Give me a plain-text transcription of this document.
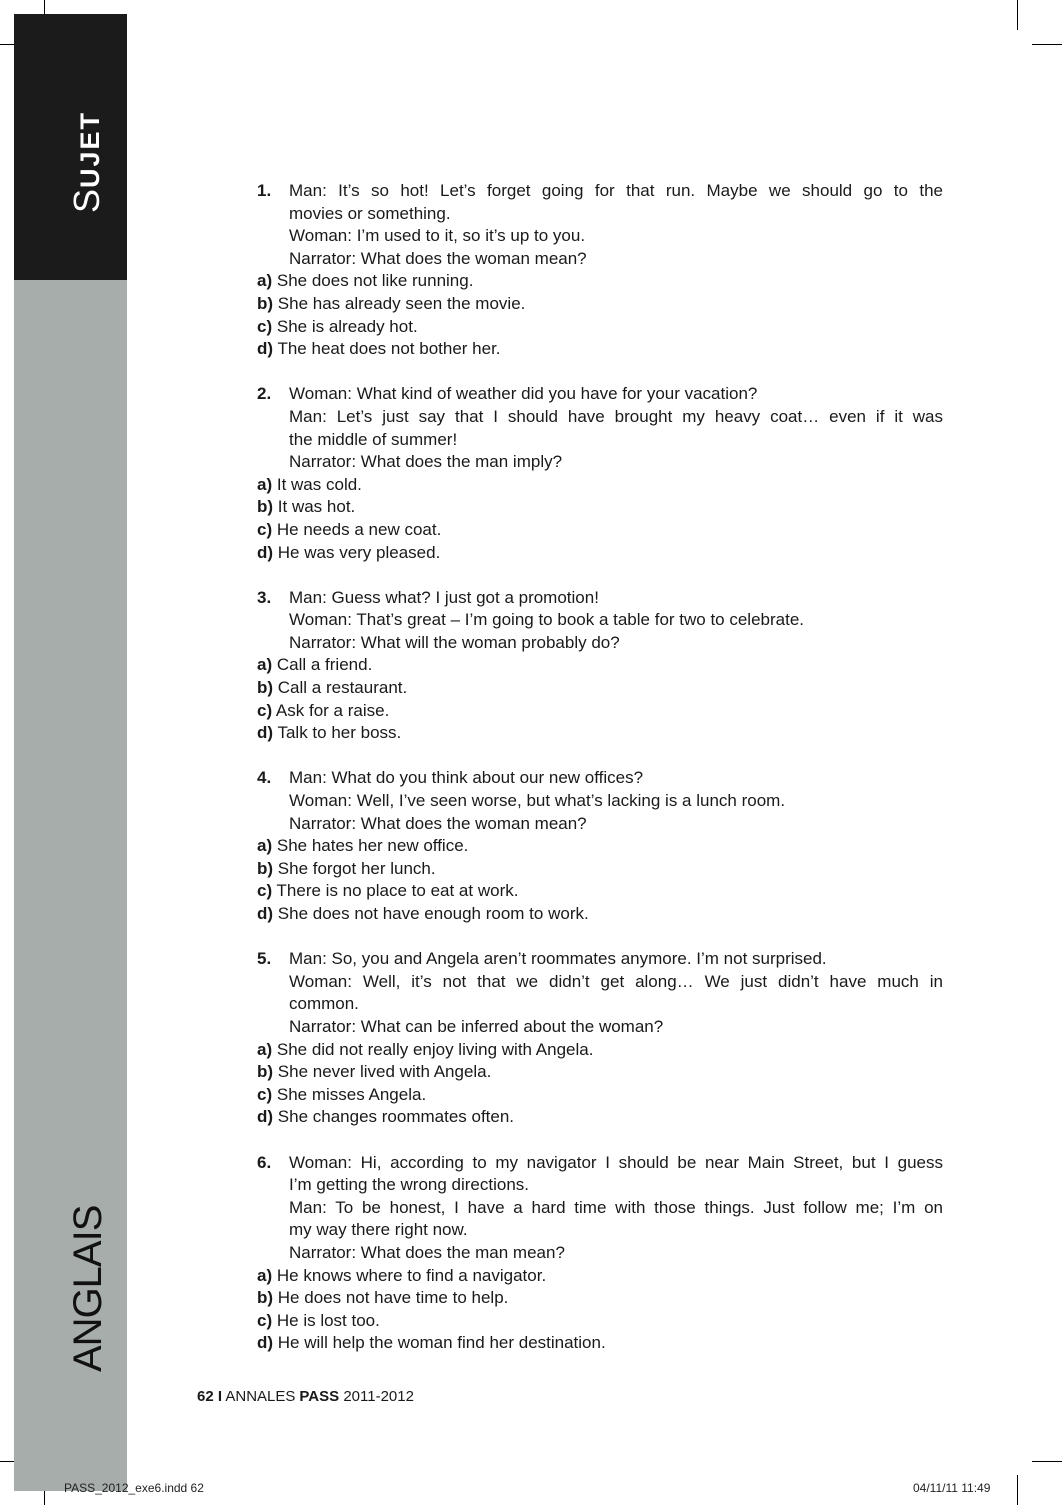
SUJET
ANGLAIS
1.	Man: It’s so hot! Let’s forget going for that run. Maybe we should go to the
movies or something.
Woman: I’m used to it, so it’s up to you.
Narrator: What does the woman mean?
a) She does not like running.
b) She has already seen the movie.
c) She is already hot.
d) The heat does not bother her.
2.	Woman: What kind of weather did you have for your vacation?
Man: Let’s just say that I should have brought my heavy coat… even if it was
the middle of summer!
Narrator: What does the man imply?
a) It was cold.
b) It was hot.
c) He needs a new coat.
d) He was very pleased.
3.	Man: Guess what? I just got a promotion!
Woman: That’s great – I’m going to book a table for two to celebrate.
Narrator: What will the woman probably do?
a) Call a friend.
b) Call a restaurant.
c) Ask for a raise.
d) Talk to her boss.
4.	Man: What do you think about our new offices?
Woman: Well, I’ve seen worse, but what’s lacking is a lunch room.
Narrator: What does the woman mean?
a) She hates her new office.
b) She forgot her lunch.
c) There is no place to eat at work.
d) She does not have enough room to work.
5.	Man: So, you and Angela aren’t roommates anymore. I’m not surprised.
Woman: Well, it’s not that we didn’t get along… We just didn’t have much in
common.
Narrator: What can be inferred about the woman?
a) She did not really enjoy living with Angela.
b) She never lived with Angela.
c) She misses Angela.
d) She changes roommates often.
6.	Woman: Hi, according to my navigator I should be near Main Street, but I guess
I’m getting the wrong directions.
Man: To be honest, I have a hard time with those things. Just follow me; I’m on
my way there right now.
Narrator: What does the man mean?
a) He knows where to find a navigator.
b) He does not have time to help.
c) He is lost too.
d) He will help the woman find her destination.
62 I ANNALES PASS 2011-2012
PASS_2012_exe6.indd 62	04/11/11 11:49
